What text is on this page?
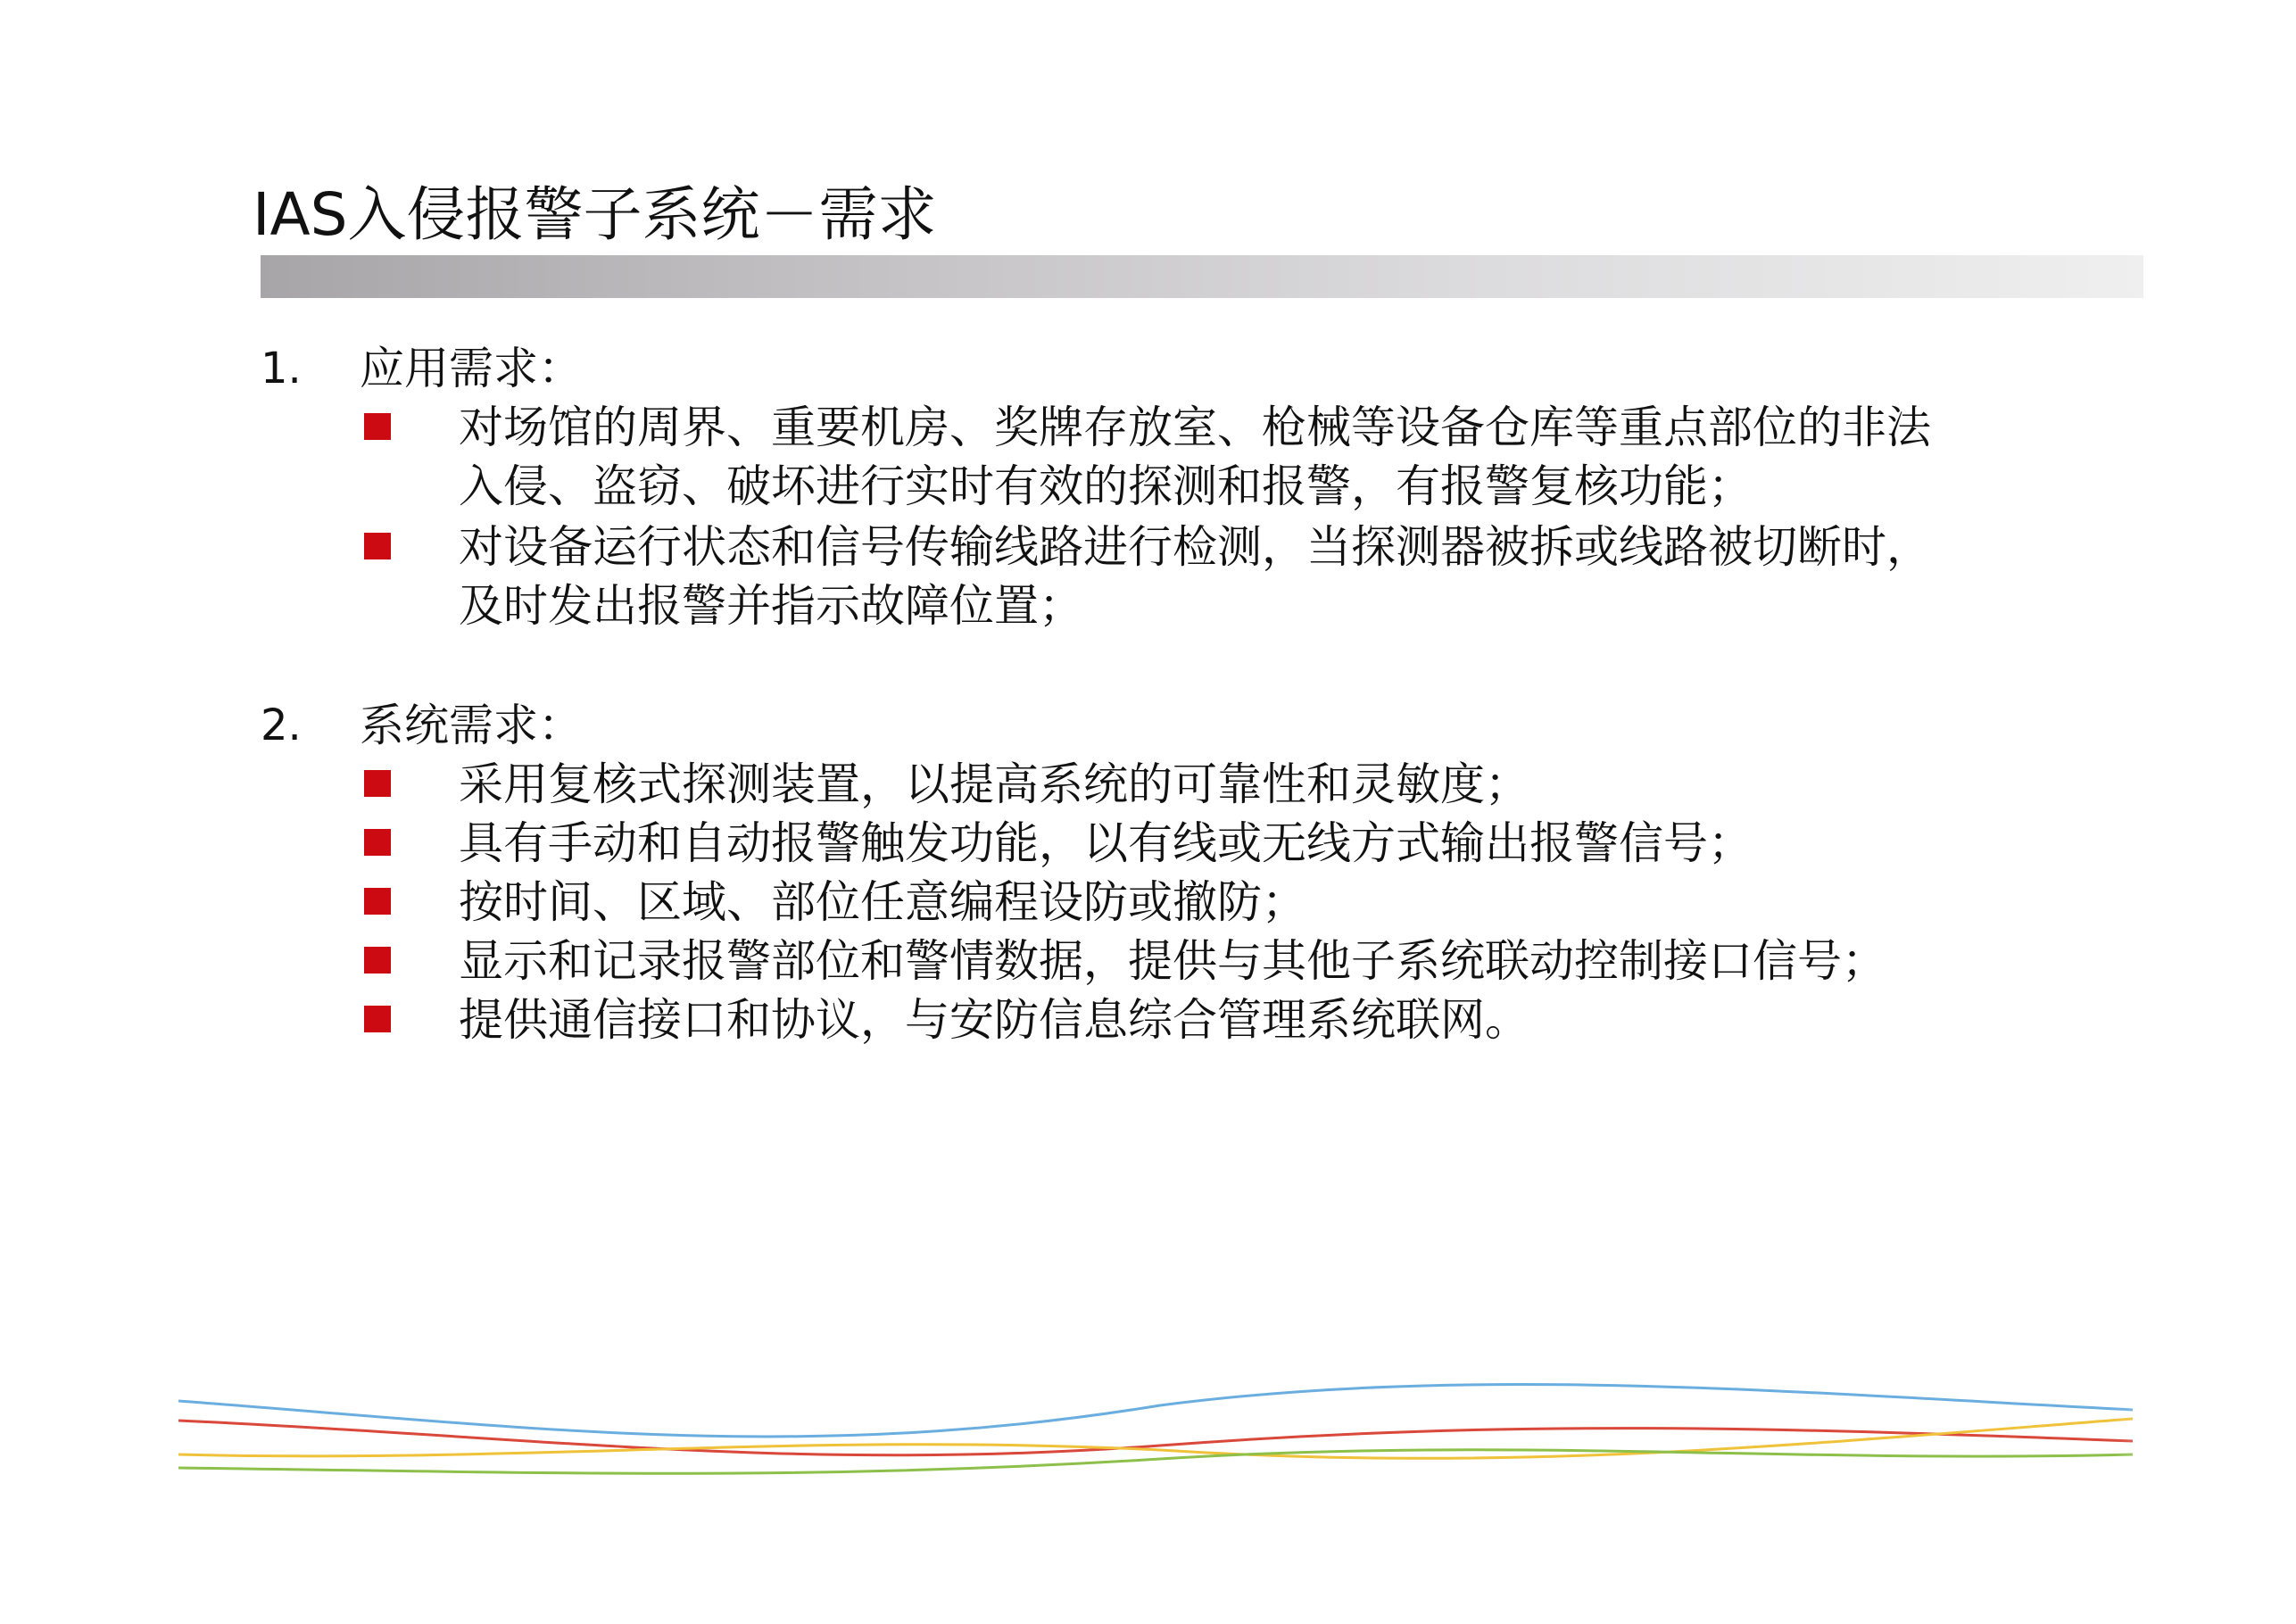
IAS入侵报警子系统－需求
1. 应用需求：
对场馆的周界、重要机房、奖牌存放室、枪械等设备仓库等重点部位的非法
入侵、盗窃、破坏进行实时有效的探测和报警，有报警复核功能；
对设备运行状态和信号传输线路进行检测，当探测器被拆或线路被切断时，
及时发出报警并指示故障位置；
2. 系统需求：
采用复核式探测装置，以提高系统的可靠性和灵敏度；
具有手动和自动报警触发功能，以有线或无线方式输出报警信号；
按时间、区域、部位任意编程设防或撤防；
显示和记录报警部位和警情数据，提供与其他子系统联动控制接口信号；
提供通信接口和协议，与安防信息综合管理系统联网。
